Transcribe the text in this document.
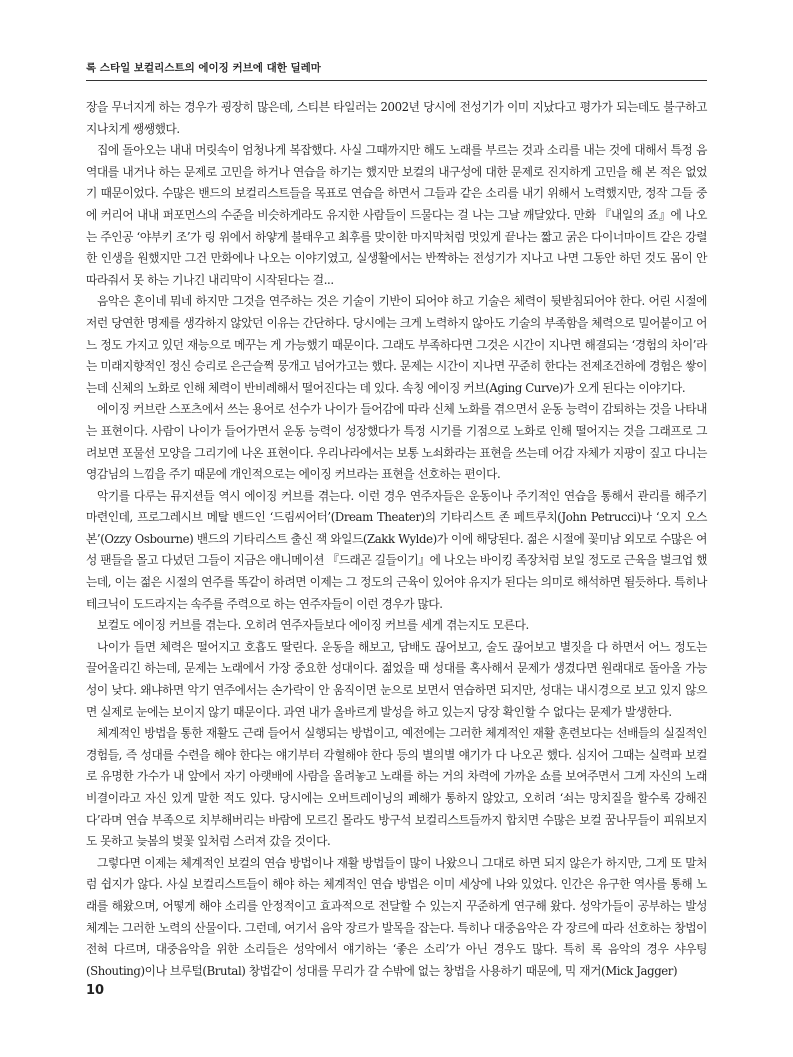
록 스타일 보컬리스트의 에이징 커브에 대한 딜레마

장을 무너지게 하는 경우가 굉장히 많은데, 스티븐 타일러는 2002년 당시에 전성기가 이미 지났다고 평가가 되는데도 불구하고 지나치게 쌩쌩했다.

집에 돌아오는 내내 머릿속이 엄청나게 복잡했다. 사실 그때까지만 해도 노래를 부르는 것과 소리를 내는 것에 대해서 특정 음역대를 내거나 하는 문제로 고민을 하거나 연습을 하기는 했지만 보컬의 내구성에 대한 문제로 진지하게 고민을 해 본 적은 없었기 때문이었다. 수많은 밴드의 보컬리스트들을 목표로 연습을 하면서 그들과 같은 소리를 내기 위해서 노력했지만, 정작 그들 중에 커리어 내내 퍼포먼스의 수준을 비슷하게라도 유지한 사람들이 드물다는 걸 나는 그날 깨달았다. 만화 『내일의 죠』에 나오는 주인공 ‘야부키 조’가 링 위에서 하얗게 불태우고 최후를 맞이한 마지막처럼 멋있게 끝나는 짧고 굵은 다이너마이트 같은 강렬한 인생을 원했지만 그건 만화에나 나오는 이야기였고, 실생활에서는 반짝하는 전성기가 지나고 나면 그동안 하던 것도 몸이 안 따라줘서 못 하는 기나긴 내리막이 시작된다는 걸...

음악은 혼이네 뭐네 하지만 그것을 연주하는 것은 기술이 기반이 되어야 하고 기술은 체력이 뒷받침되어야 한다. 어린 시절에 저런 당연한 명제를 생각하지 않았던 이유는 간단하다. 당시에는 크게 노력하지 않아도 기술의 부족함을 체력으로 밀어붙이고 어느 정도 가지고 있던 재능으로 메꾸는 게 가능했기 때문이다. 그래도 부족하다면 그것은 시간이 지나면 해결되는 ‘경험의 차이’라는 미래지향적인 정신 승리로 은근슬쩍 뭉개고 넘어가고는 했다. 문제는 시간이 지나면 꾸준히 한다는 전제조건하에 경험은 쌓이는데 신체의 노화로 인해 체력이 반비례해서 떨어진다는 데 있다. 속칭 에이징 커브(Aging Curve)가 오게 된다는 이야기다.

에이징 커브란 스포츠에서 쓰는 용어로 선수가 나이가 들어감에 따라 신체 노화를 겪으면서 운동 능력이 감퇴하는 것을 나타내는 표현이다. 사람이 나이가 들어가면서 운동 능력이 성장했다가 특정 시기를 기점으로 노화로 인해 떨어지는 것을 그래프로 그려보면 포물선 모양을 그리기에 나온 표현이다. 우리나라에서는 보통 노쇠화라는 표현을 쓰는데 어감 자체가 지팡이 짚고 다니는 영감님의 느낌을 주기 때문에 개인적으로는 에이징 커브라는 표현을 선호하는 편이다.

악기를 다루는 뮤지션들 역시 에이징 커브를 겪는다. 이런 경우 연주자들은 운동이나 주기적인 연습을 통해서 관리를 해주기 마련인데, 프로그레시브 메탈 밴드인 ‘드림씨어터’(Dream Theater)의 기타리스트 존 페트루치(John Petrucci)나 ‘오지 오스본’(Ozzy Osbourne) 밴드의 기타리스트 출신 잭 와일드(Zakk Wylde)가 이에 해당된다. 젊은 시절에 꽃미남 외모로 수많은 여성 팬들을 몰고 다녔던 그들이 지금은 애니메이션 『드래곤 길들이기』에 나오는 바이킹 족장처럼 보일 정도로 근육을 벌크업 했는데, 이는 젊은 시절의 연주를 똑같이 하려면 이제는 그 정도의 근육이 있어야 유지가 된다는 의미로 해석하면 될듯하다. 특히나 테크닉이 도드라지는 속주를 주력으로 하는 연주자들이 이런 경우가 많다.

보컬도 에이징 커브를 겪는다. 오히려 연주자들보다 에이징 커브를 세게 겪는지도 모른다.

나이가 들면 체력은 떨어지고 호흡도 딸린다. 운동을 해보고, 담배도 끊어보고, 술도 끊어보고 별짓을 다 하면서 어느 정도는 끌어올리긴 하는데, 문제는 노래에서 가장 중요한 성대이다. 젊었을 때 성대를 혹사해서 문제가 생겼다면 원래대로 돌아올 가능성이 낮다. 왜냐하면 악기 연주에서는 손가락이 안 움직이면 눈으로 보면서 연습하면 되지만, 성대는 내시경으로 보고 있지 않으면 실제로 눈에는 보이지 않기 때문이다. 과연 내가 올바르게 발성을 하고 있는지 당장 확인할 수 없다는 문제가 발생한다.

체계적인 방법을 통한 재활도 근래 들어서 실행되는 방법이고, 예전에는 그러한 체계적인 재활 훈련보다는 선배들의 실질적인 경험들, 즉 성대를 수련을 해야 한다는 얘기부터 각혈해야 한다 등의 별의별 얘기가 다 나오곤 했다. 심지어 그때는 실력파 보컬로 유명한 가수가 내 앞에서 자기 아랫배에 사람을 올려놓고 노래를 하는 거의 차력에 가까운 쇼를 보여주면서 그게 자신의 노래 비결이라고 자신 있게 말한 적도 있다. 당시에는 오버트레이닝의 폐해가 통하지 않았고, 오히려 ‘쇠는 망치질을 할수록 강해진다’라며 연습 부족으로 치부해버리는 바람에 모르긴 몰라도 방구석 보컬리스트들까지 합치면 수많은 보컬 꿈나무들이 피워보지도 못하고 늦봄의 벚꽃 잎처럼 스러져 갔을 것이다.

그렇다면 이제는 체계적인 보컬의 연습 방법이나 재활 방법들이 많이 나왔으니 그대로 하면 되지 않은가 하지만, 그게 또 말처럼 쉽지가 않다. 사실 보컬리스트들이 해야 하는 체계적인 연습 방법은 이미 세상에 나와 있었다. 인간은 유구한 역사를 통해 노래를 해왔으며, 어떻게 해야 소리를 안정적이고 효과적으로 전달할 수 있는지 꾸준하게 연구해 왔다. 성악가들이 공부하는 발성 체계는 그러한 노력의 산물이다. 그런데, 여기서 음악 장르가 발목을 잡는다. 특히나 대중음악은 각 장르에 따라 선호하는 창법이 전혀 다르며, 대중음악을 위한 소리들은 성악에서 얘기하는 ‘좋은 소리’가 아닌 경우도 많다. 특히 록 음악의 경우 샤우팅(Shouting)이나 브루털(Brutal) 창법같이 성대를 무리가 갈 수밖에 없는 창법을 사용하기 때문에, 믹 재거(Mick Jagger)

10
